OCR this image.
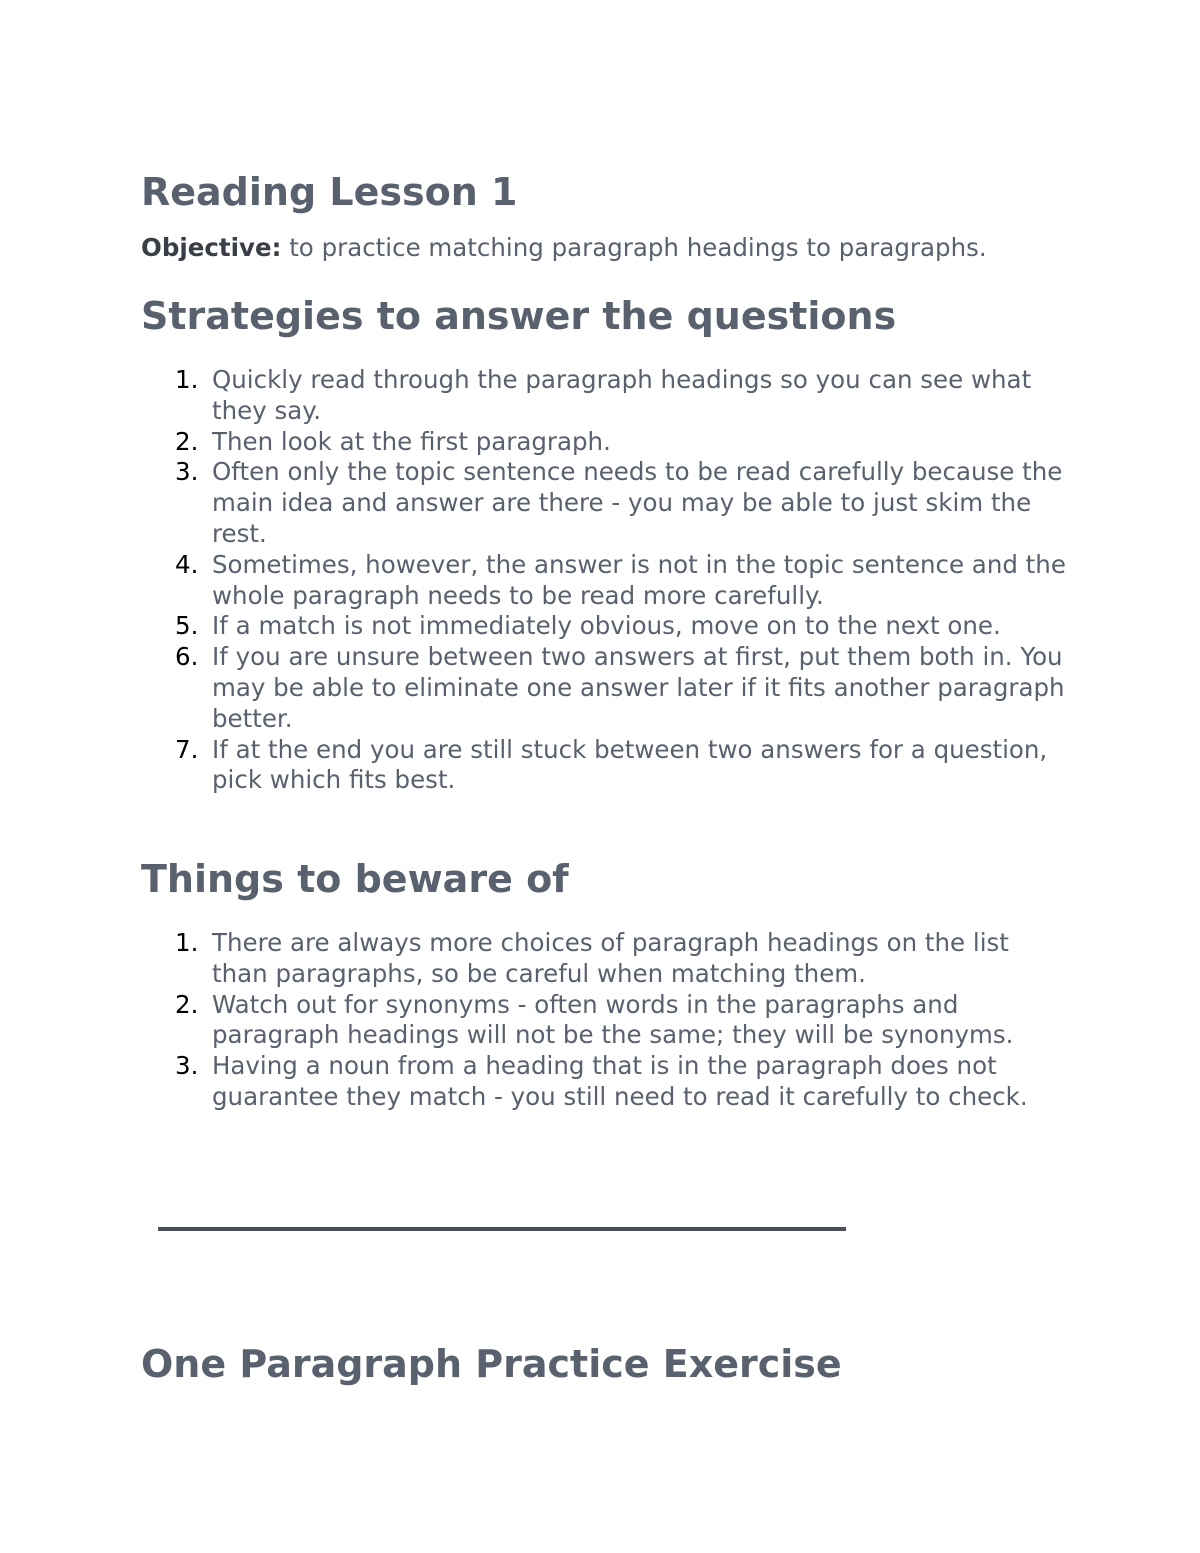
Reading Lesson 1

Objective: to practice matching paragraph headings to paragraphs.

Strategies to answer the questions
1. Quickly read through the paragraph headings so you can see what they say.
2. Then look at the first paragraph.
3. Often only the topic sentence needs to be read carefully because the main idea and answer are there - you may be able to just skim the rest.
4. Sometimes, however, the answer is not in the topic sentence and the whole paragraph needs to be read more carefully.
5. If a match is not immediately obvious, move on to the next one.
6. If you are unsure between two answers at first, put them both in. You may be able to eliminate one answer later if it fits another paragraph better.
7. If at the end you are still stuck between two answers for a question, pick which fits best.
Things to beware of
1. There are always more choices of paragraph headings on the list than paragraphs, so be careful when matching them.
2. Watch out for synonyms - often words in the paragraphs and paragraph headings will not be the same; they will be synonyms.
3. Having a noun from a heading that is in the paragraph does not guarantee they match - you still need to read it carefully to check.
One Paragraph Practice Exercise
